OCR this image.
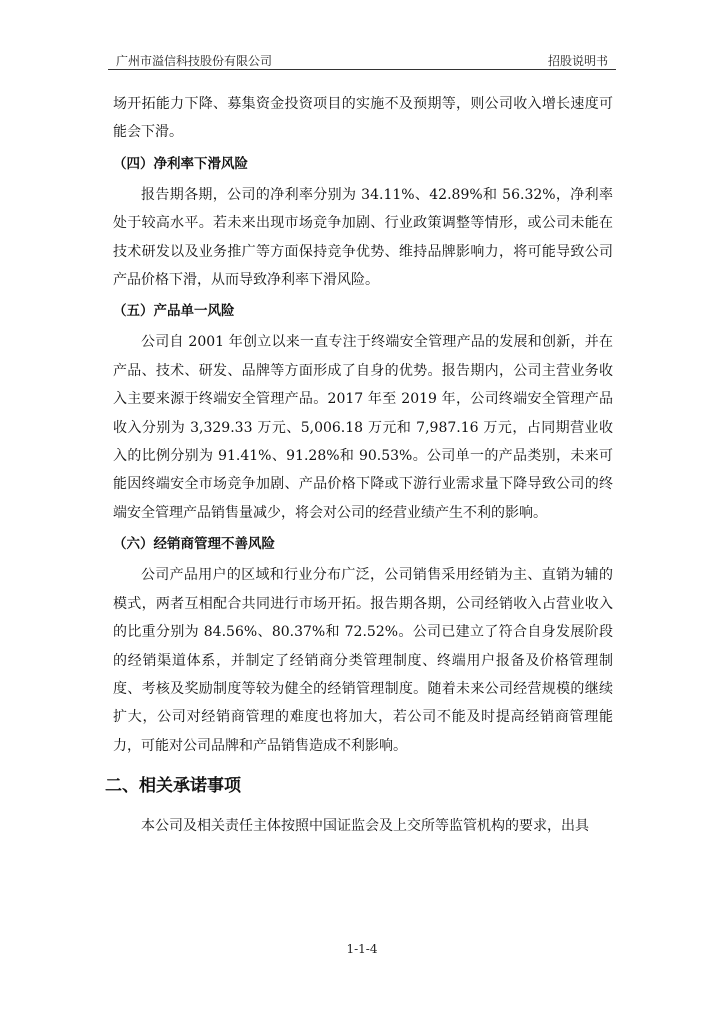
广州市溢信科技股份有限公司	招股说明书

场开拓能力下降、募集资金投资项目的实施不及预期等，则公司收入增长速度可能会下滑。

（四）净利率下滑风险

报告期各期，公司的净利率分别为 34.11%、42.89%和 56.32%，净利率处于较高水平。若未来出现市场竞争加剧、行业政策调整等情形，或公司未能在技术研发以及业务推广等方面保持竞争优势、维持品牌影响力，将可能导致公司产品价格下滑，从而导致净利率下滑风险。

（五）产品单一风险

公司自 2001 年创立以来一直专注于终端安全管理产品的发展和创新，并在产品、技术、研发、品牌等方面形成了自身的优势。报告期内，公司主营业务收入主要来源于终端安全管理产品。2017 年至 2019 年，公司终端安全管理产品收入分别为 3,329.33 万元、5,006.18 万元和 7,987.16 万元，占同期营业收入的比例分别为 91.41%、91.28%和 90.53%。公司单一的产品类别，未来可能因终端安全市场竞争加剧、产品价格下降或下游行业需求量下降导致公司的终端安全管理产品销售量减少，将会对公司的经营业绩产生不利的影响。

（六）经销商管理不善风险

公司产品用户的区域和行业分布广泛，公司销售采用经销为主、直销为辅的模式，两者互相配合共同进行市场开拓。报告期各期，公司经销收入占营业收入的比重分别为 84.56%、80.37%和 72.52%。公司已建立了符合自身发展阶段的经销渠道体系，并制定了经销商分类管理制度、终端用户报备及价格管理制度、考核及奖励制度等较为健全的经销管理制度。随着未来公司经营规模的继续扩大，公司对经销商管理的难度也将加大，若公司不能及时提高经销商管理能力，可能对公司品牌和产品销售造成不利影响。

二、相关承诺事项

本公司及相关责任主体按照中国证监会及上交所等监管机构的要求，出具

1-1-4
